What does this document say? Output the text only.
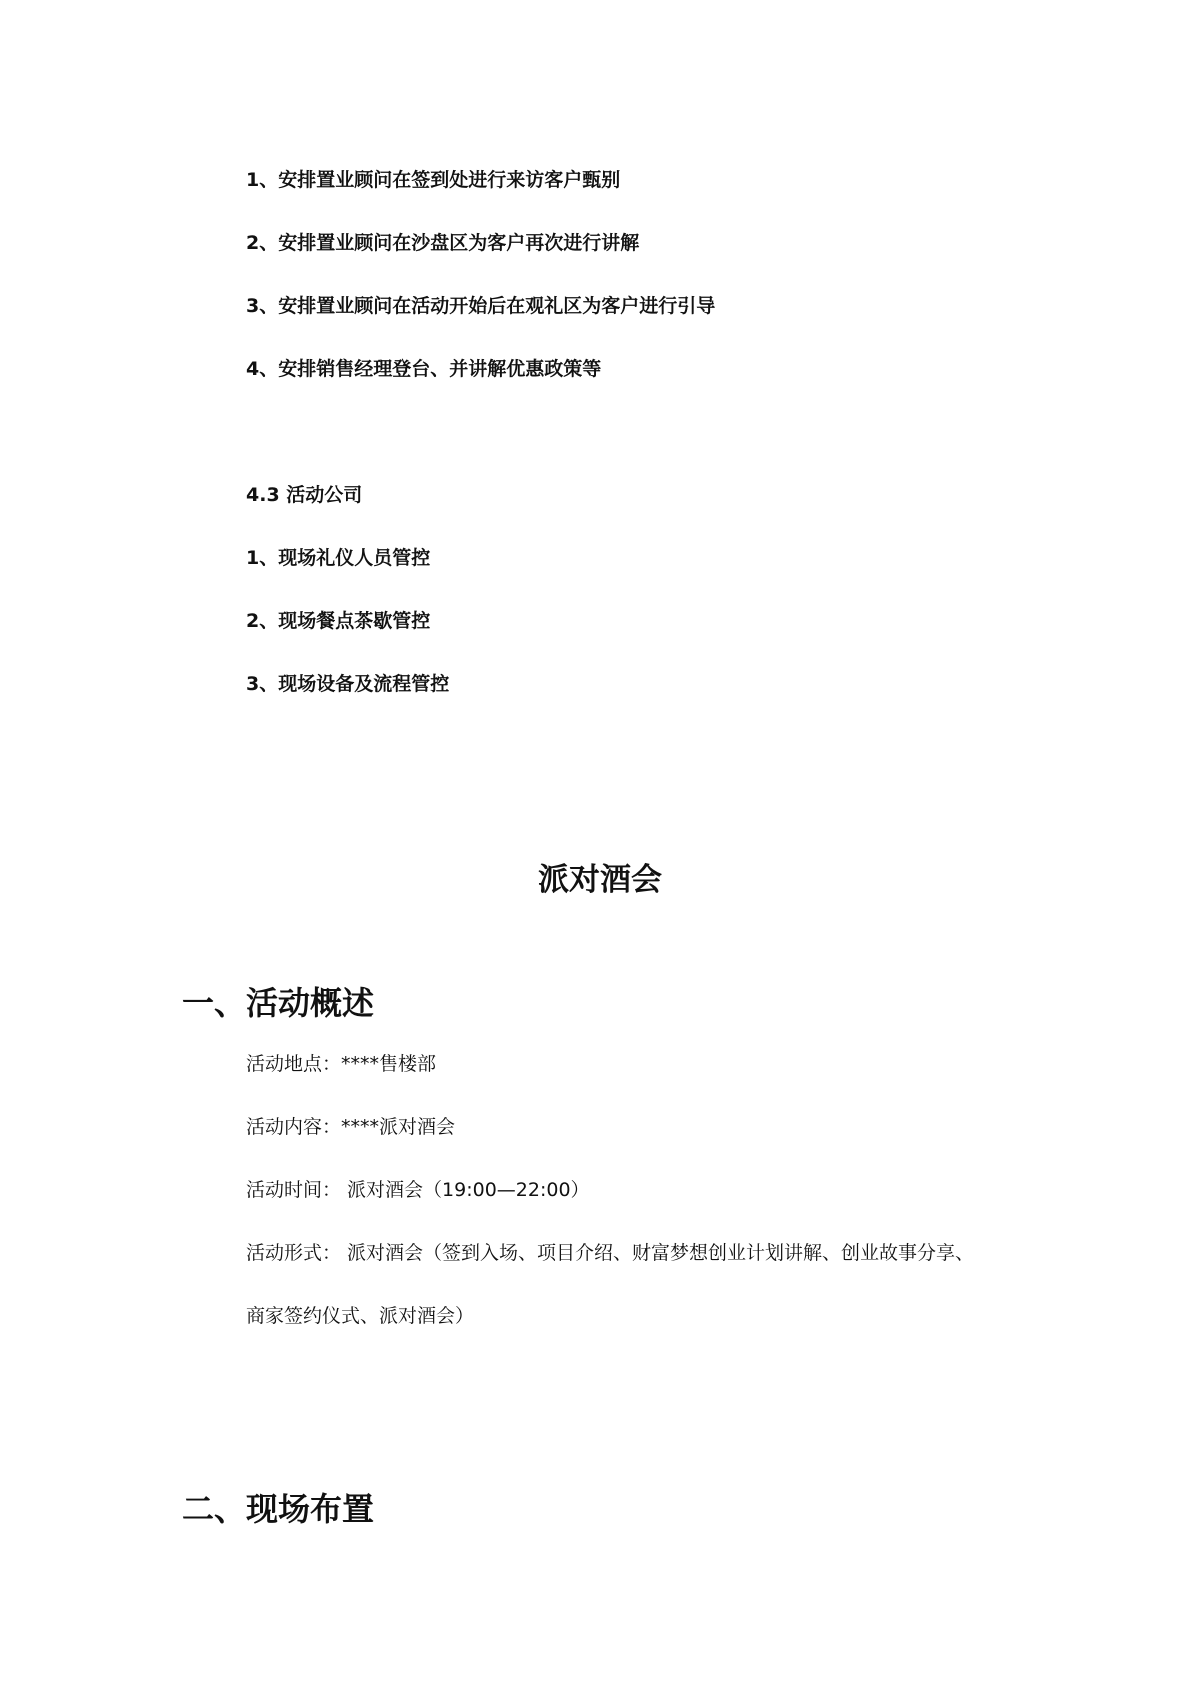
1、安排置业顾问在签到处进行来访客户甄别
2、安排置业顾问在沙盘区为客户再次进行讲解
3、安排置业顾问在活动开始后在观礼区为客户进行引导
4、安排销售经理登台、并讲解优惠政策等
4.3 活动公司
1、现场礼仪人员管控
2、现场餐点茶歇管控
3、现场设备及流程管控
派对酒会
一、活动概述
活动地点：****售楼部
活动内容：****派对酒会
活动时间： 派对酒会（19:00—22:00）
活动形式： 派对酒会（签到入场、项目介绍、财富梦想创业计划讲解、创业故事分享、
商家签约仪式、派对酒会）
二、现场布置
